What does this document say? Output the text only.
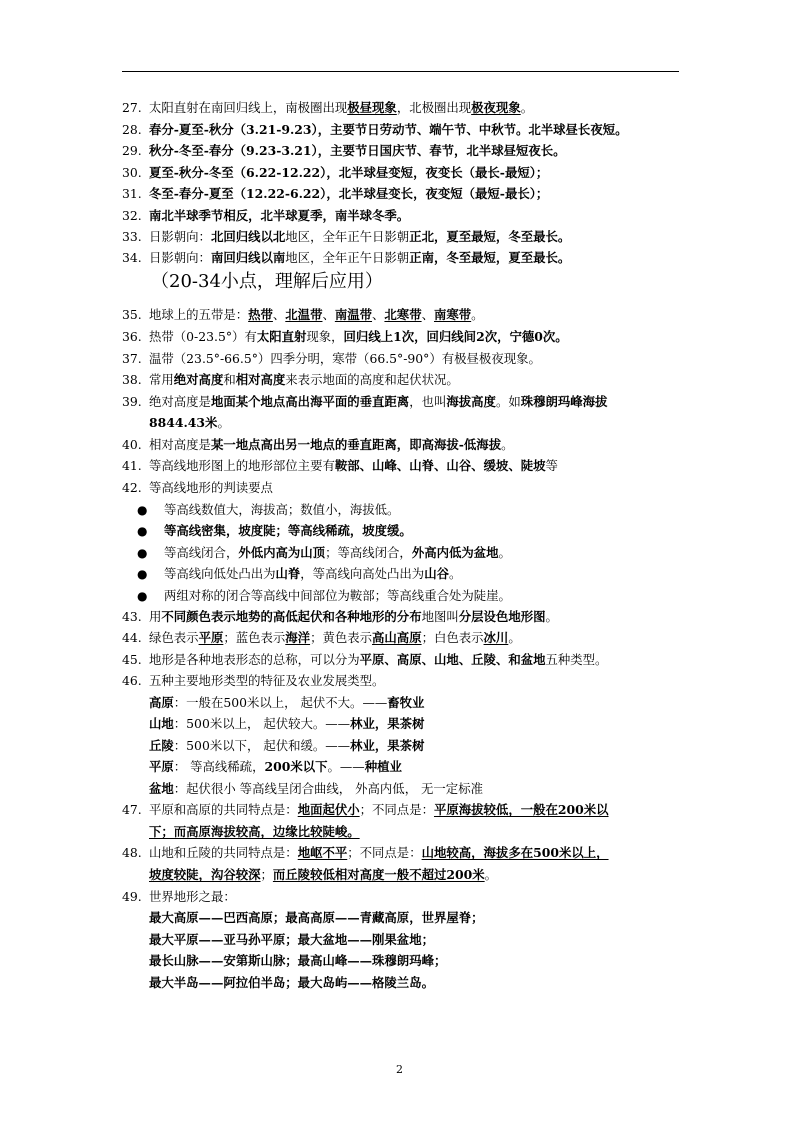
27. 太阳直射在南回归线上，南极圈出现极昼现象，北极圈出现极夜现象。
28. 春分-夏至-秋分（3.21-9.23），主要节日劳动节、端午节、中秋节。北半球昼长夜短。
29. 秋分-冬至-春分（9.23-3.21），主要节日国庆节、春节，北半球昼短夜长。
30. 夏至-秋分-冬至（6.22-12.22），北半球昼变短，夜变长（最长-最短）；
31. 冬至-春分-夏至（12.22-6.22），北半球昼变长，夜变短（最短-最长）；
32. 南北半球季节相反，北半球夏季，南半球冬季。
33. 日影朝向：北回归线以北地区，全年正午日影朝正北，夏至最短，冬至最长。
34. 日影朝向：南回归线以南地区，全年正午日影朝正南，冬至最短，夏至最长。
（20-34小点，理解后应用）
35. 地球上的五带是：热带、北温带、南温带、北寒带、南寒带。
36. 热带（0-23.5°）有太阳直射现象，回归线上1次，回归线间2次，宁德0次。
37. 温带（23.5°-66.5°）四季分明，寒带（66.5°-90°）有极昼极夜现象。
38. 常用绝对高度和相对高度来表示地面的高度和起伏状况。
39. 绝对高度是地面某个地点高出海平面的垂直距离，也叫海拔高度。如珠穆朗玛峰海拔
8844.43米。
40. 相对高度是某一地点高出另一地点的垂直距离，即高海拔-低海拔。
41. 等高线地形图上的地形部位主要有鞍部、山峰、山脊、山谷、缓坡、陡坡等
42. 等高线地形的判读要点
● 等高线数值大，海拔高；数值小，海拔低。
● 等高线密集，坡度陡；等高线稀疏，坡度缓。
● 等高线闭合，外低内高为山顶；等高线闭合，外高内低为盆地。
● 等高线向低处凸出为山脊，等高线向高处凸出为山谷。
● 两组对称的闭合等高线中间部位为鞍部；等高线重合处为陡崖。
43. 用不同颜色表示地势的高低起伏和各种地形的分布地图叫分层设色地形图。
44. 绿色表示平原；蓝色表示海洋；黄色表示高山高原；白色表示冰川。
45. 地形是各种地表形态的总称，可以分为平原、高原、山地、丘陵、和盆地五种类型。
46. 五种主要地形类型的特征及农业发展类型。
高原：一般在500米以上， 起伏不大。——畜牧业
山地：500米以上， 起伏较大。——林业，果茶树
丘陵：500米以下， 起伏和缓。——林业，果茶树
平原： 等高线稀疏，200米以下。——种植业
盆地：起伏很小 等高线呈闭合曲线， 外高内低， 无一定标准
47. 平原和高原的共同特点是：地面起伏小；不同点是：平原海拔较低，一般在200米以
下；而高原海拔较高，边缘比较陡峻。
48. 山地和丘陵的共同特点是：地岖不平；不同点是：山地较高，海拔多在500米以上，
坡度较陡，沟谷较深；而丘陵较低相对高度一般不超过200米。
49. 世界地形之最：
最大高原——巴西高原；最高高原——青藏高原，世界屋脊；
最大平原——亚马孙平原；最大盆地——刚果盆地；
最长山脉——安第斯山脉；最高山峰——珠穆朗玛峰；
最大半岛——阿拉伯半岛；最大岛屿——格陵兰岛。
2
